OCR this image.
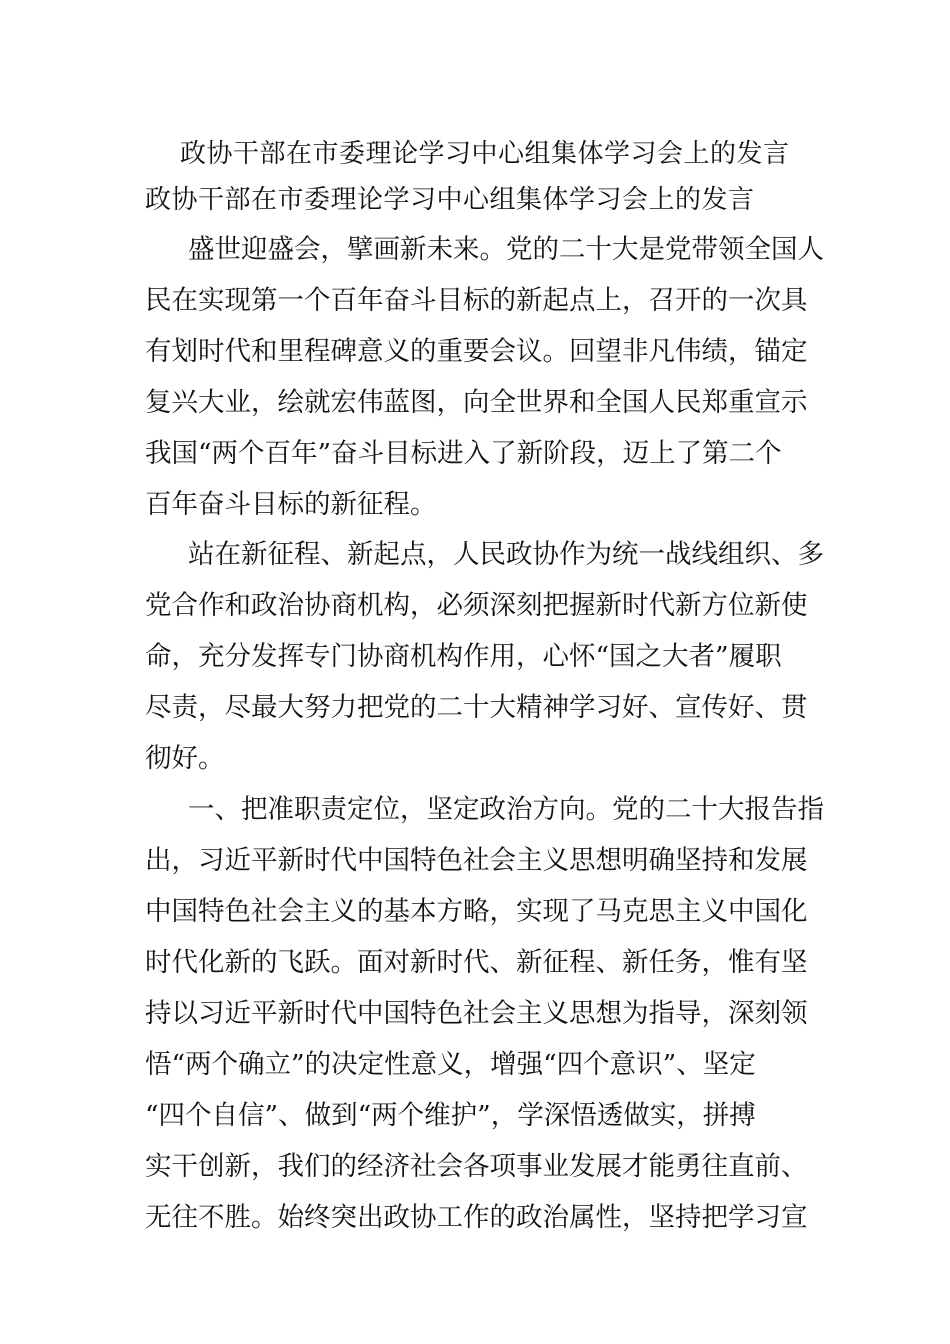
政协干部在市委理论学习中心组集体学习会上的发言
政协干部在市委理论学习中心组集体学习会上的发言
盛世迎盛会，擘画新未来。党的二十大是党带领全国人
民在实现第一个百年奋斗目标的新起点上，召开的一次具
有划时代和里程碑意义的重要会议。回望非凡伟绩，锚定
复兴大业，绘就宏伟蓝图，向全世界和全国人民郑重宣示
我国“两个百年”奋斗目标进入了新阶段，迈上了第二个
百年奋斗目标的新征程。
站在新征程、新起点，人民政协作为统一战线组织、多
党合作和政治协商机构，必须深刻把握新时代新方位新使
命，充分发挥专门协商机构作用，心怀“国之大者”履职
尽责，尽最大努力把党的二十大精神学习好、宣传好、贯
彻好。
一、把准职责定位，坚定政治方向。党的二十大报告指
出，习近平新时代中国特色社会主义思想明确坚持和发展
中国特色社会主义的基本方略，实现了马克思主义中国化
时代化新的飞跃。面对新时代、新征程、新任务，惟有坚
持以习近平新时代中国特色社会主义思想为指导，深刻领
悟“两个确立”的决定性意义，增强“四个意识”、坚定
“四个自信”、做到“两个维护”，学深悟透做实，拼搏
实干创新，我们的经济社会各项事业发展才能勇往直前、
无往不胜。始终突出政协工作的政治属性，坚持把学习宣
